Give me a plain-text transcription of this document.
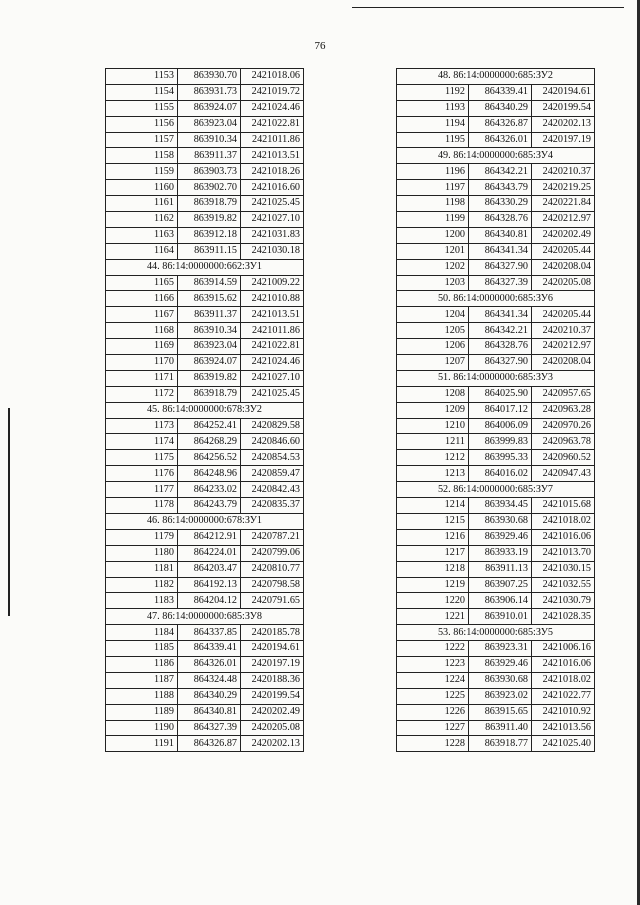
76
1153	863930.70	2421018.06
1154	863931.73	2421019.72
1155	863924.07	2421024.46
1156	863923.04	2421022.81
1157	863910.34	2421011.86
1158	863911.37	2421013.51
1159	863903.73	2421018.26
1160	863902.70	2421016.60
1161	863918.79	2421025.45
1162	863919.82	2421027.10
1163	863912.18	2421031.83
1164	863911.15	2421030.18
44. 86:14:0000000:662:ЗУ1		
1165	863914.59	2421009.22
1166	863915.62	2421010.88
1167	863911.37	2421013.51
1168	863910.34	2421011.86
1169	863923.04	2421022.81
1170	863924.07	2421024.46
1171	863919.82	2421027.10
1172	863918.79	2421025.45
45. 86:14:0000000:678:ЗУ2		
1173	864252.41	2420829.58
1174	864268.29	2420846.60
1175	864256.52	2420854.53
1176	864248.96	2420859.47
1177	864233.02	2420842.43
1178	864243.79	2420835.37
46. 86:14:0000000:678:ЗУ1		
1179	864212.91	2420787.21
1180	864224.01	2420799.06
1181	864203.47	2420810.77
1182	864192.13	2420798.58
1183	864204.12	2420791.65
47. 86:14:0000000:685:ЗУ8		
1184	864337.85	2420185.78
1185	864339.41	2420194.61
1186	864326.01	2420197.19
1187	864324.48	2420188.36
1188	864340.29	2420199.54
1189	864340.81	2420202.49
1190	864327.39	2420205.08
1191	864326.87	2420202.13
48. 86:14:0000000:685:ЗУ2		
1192	864339.41	2420194.61
1193	864340.29	2420199.54
1194	864326.87	2420202.13
1195	864326.01	2420197.19
49. 86:14:0000000:685:ЗУ4		
1196	864342.21	2420210.37
1197	864343.79	2420219.25
1198	864330.29	2420221.84
1199	864328.76	2420212.97
1200	864340.81	2420202.49
1201	864341.34	2420205.44
1202	864327.90	2420208.04
1203	864327.39	2420205.08
50. 86:14:0000000:685:ЗУ6		
1204	864341.34	2420205.44
1205	864342.21	2420210.37
1206	864328.76	2420212.97
1207	864327.90	2420208.04
51. 86:14:0000000:685:ЗУ3		
1208	864025.90	2420957.65
1209	864017.12	2420963.28
1210	864006.09	2420970.26
1211	863999.83	2420963.78
1212	863995.33	2420960.52
1213	864016.02	2420947.43
52. 86:14:0000000:685:ЗУ7		
1214	863934.45	2421015.68
1215	863930.68	2421018.02
1216	863929.46	2421016.06
1217	863933.19	2421013.70
1218	863911.13	2421030.15
1219	863907.25	2421032.55
1220	863906.14	2421030.79
1221	863910.01	2421028.35
53. 86:14:0000000:685:ЗУ5		
1222	863923.31	2421006.16
1223	863929.46	2421016.06
1224	863930.68	2421018.02
1225	863923.02	2421022.77
1226	863915.65	2421010.92
1227	863911.40	2421013.56
1228	863918.77	2421025.40
